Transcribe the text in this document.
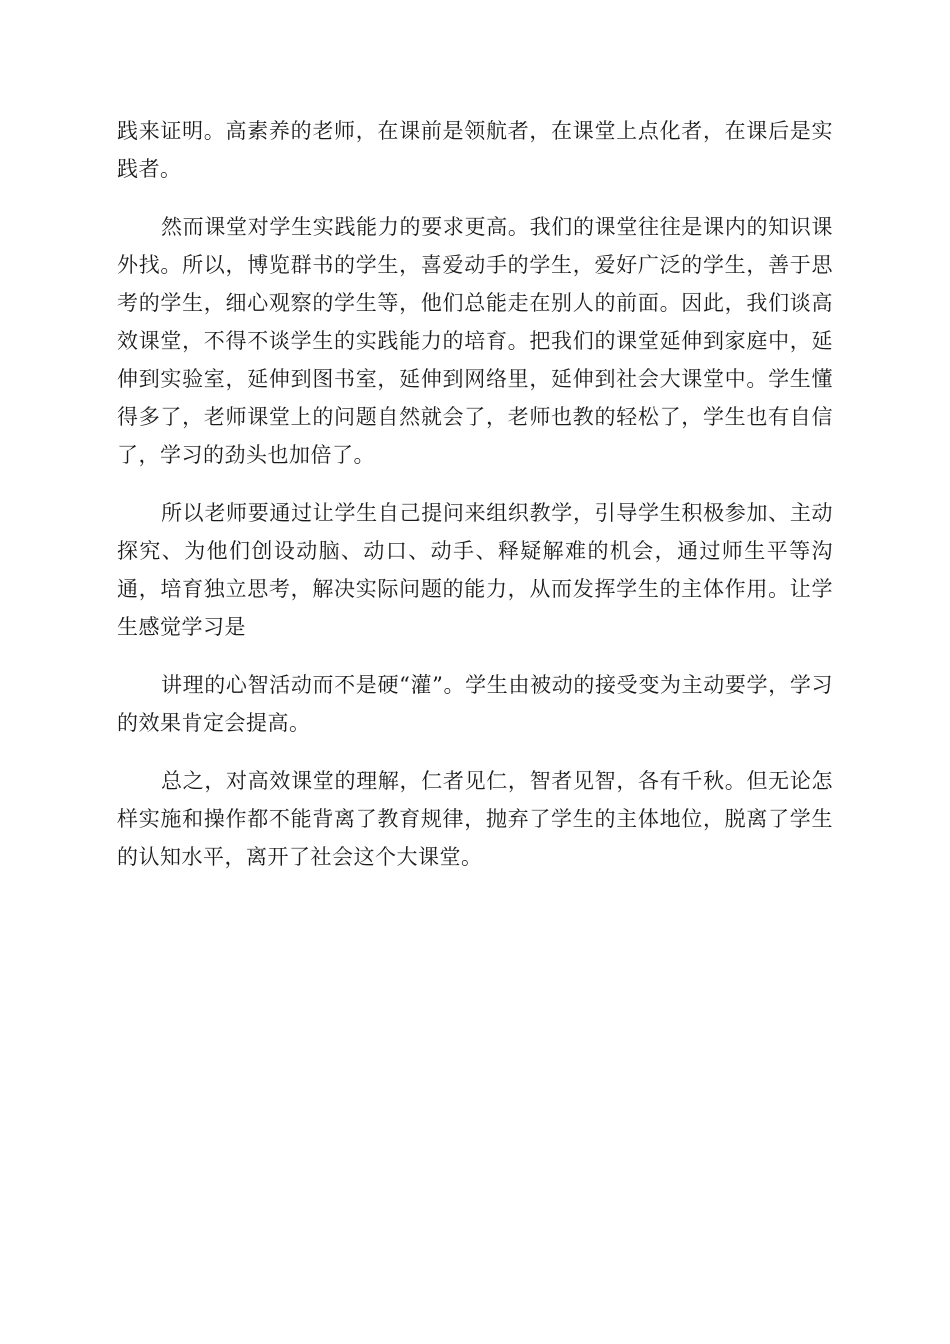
践来证明。高素养的老师，在课前是领航者，在课堂上点化者，在课后是实践者。

然而课堂对学生实践能力的要求更高。我们的课堂往往是课内的知识课外找。所以，博览群书的学生，喜爱动手的学生，爱好广泛的学生，善于思考的学生，细心观察的学生等，他们总能走在别人的前面。因此，我们谈高效课堂，不得不谈学生的实践能力的培育。把我们的课堂延伸到家庭中，延伸到实验室，延伸到图书室，延伸到网络里，延伸到社会大课堂中。学生懂得多了，老师课堂上的问题自然就会了，老师也教的轻松了，学生也有自信了，学习的劲头也加倍了。

所以老师要通过让学生自己提问来组织教学，引导学生积极参加、主动探究、为他们创设动脑、动口、动手、释疑解难的机会，通过师生平等沟通，培育独立思考，解决实际问题的能力，从而发挥学生的主体作用。让学生感觉学习是

讲理的心智活动而不是硬“灌”。学生由被动的接受变为主动要学，学习的效果肯定会提高。

总之，对高效课堂的理解，仁者见仁，智者见智，各有千秋。但无论怎样实施和操作都不能背离了教育规律，抛弃了学生的主体地位，脱离了学生的认知水平，离开了社会这个大课堂。
